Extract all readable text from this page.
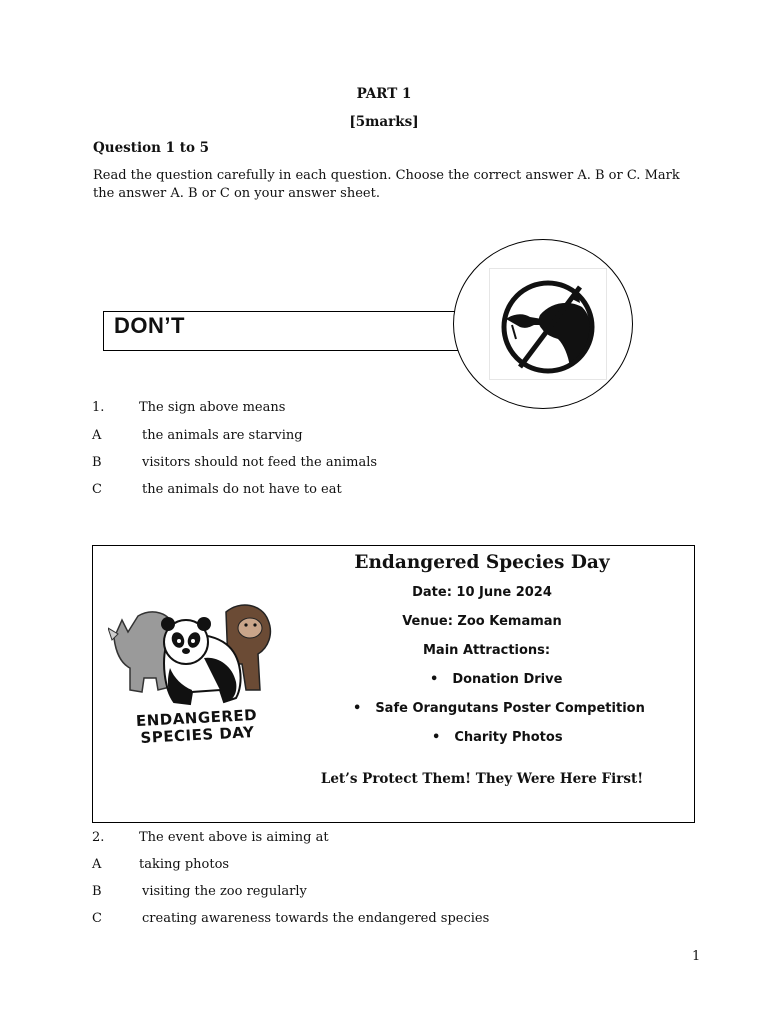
PART 1
[5marks]
Question 1 to 5
Read the question carefully in each question. Choose the correct answer A. B or C. Mark the answer A. B or C on your answer sheet.
DON’T
1.	The sign above means
A	the animals are starving
B	visitors should not feed the animals
C	the animals do not have to eat
ENDANGERED
SPECIES DAY
Endangered Species Day
Date: 10 June 2024
Venue: Zoo Kemaman
Main Attractions:
• Donation Drive
• Safe Orangutans Poster Competition
• Charity Photos
Let’s Protect Them! They Were Here First!
2.	The event above is aiming at
A	taking photos
B	visiting the zoo regularly
C	creating awareness towards the endangered species
1
